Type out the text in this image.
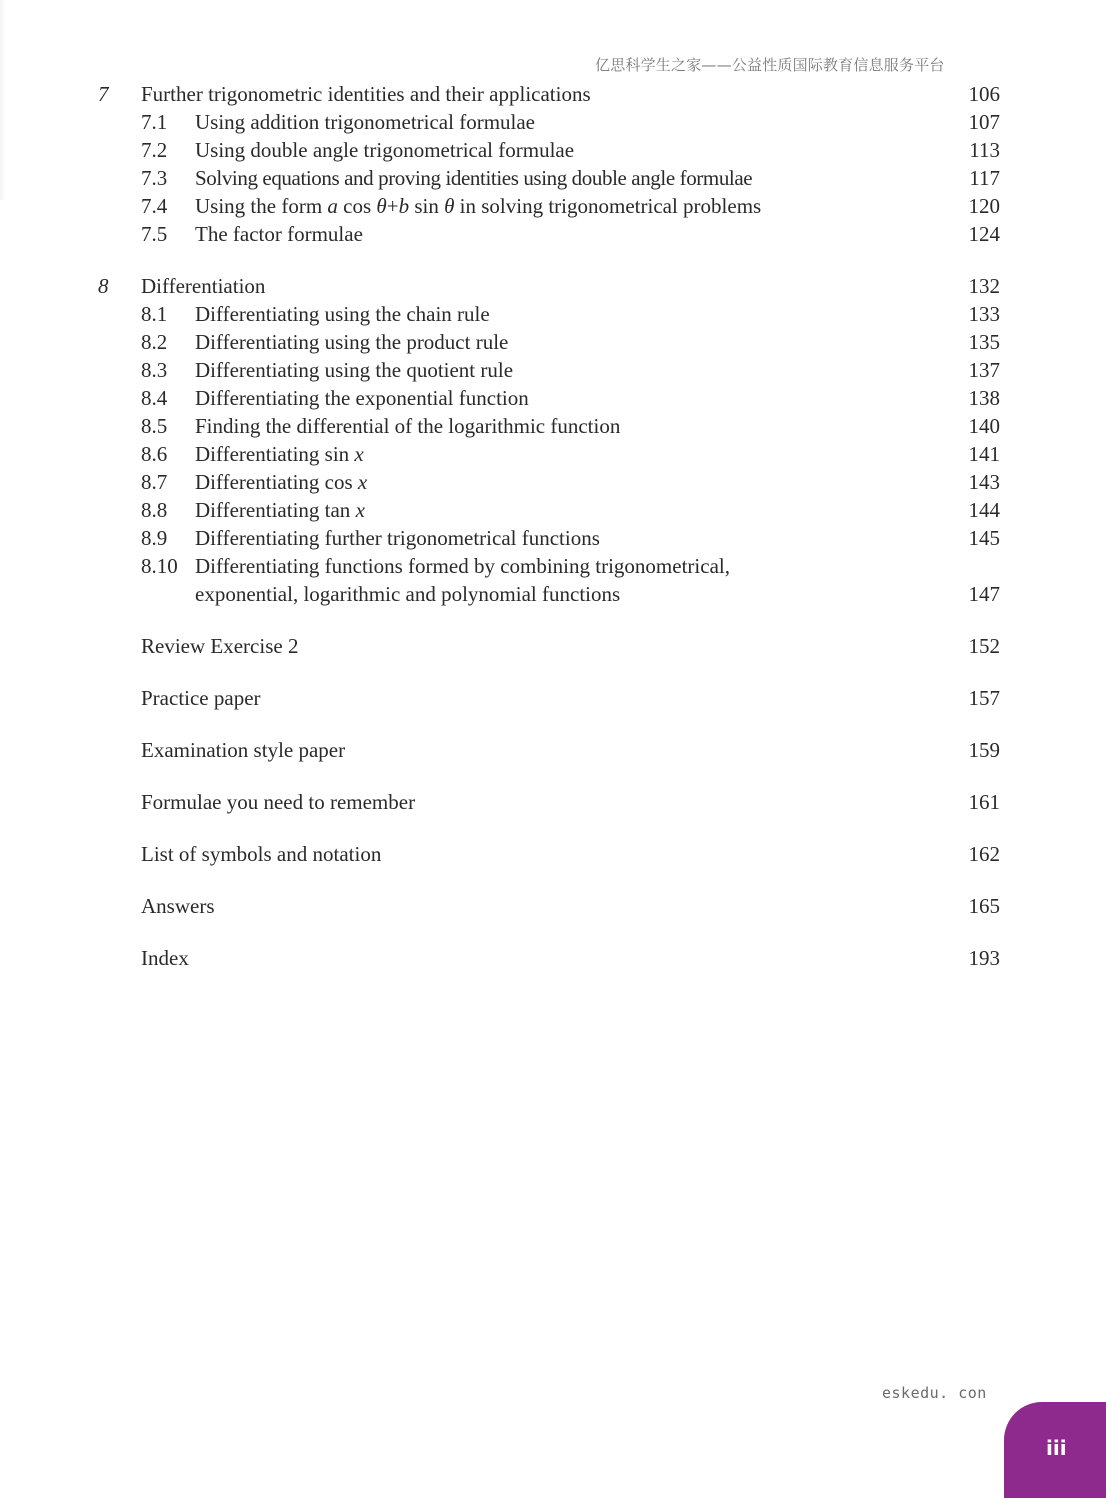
亿思科学生之家——公益性质国际教育信息服务平台
7 Further trigonometric identities and their applications	106
7.1 Using addition trigonometrical formulae	107
7.2 Using double angle trigonometrical formulae	113
7.3 Solving equations and proving identities using double angle formulae	117
7.4 Using the form a cos θ+b sin θ in solving trigonometrical problems	120
7.5 The factor formulae	124
8 Differentiation	132
8.1 Differentiating using the chain rule	133
8.2 Differentiating using the product rule	135
8.3 Differentiating using the quotient rule	137
8.4 Differentiating the exponential function	138
8.5 Finding the differential of the logarithmic function	140
8.6 Differentiating sin x	141
8.7 Differentiating cos x	143
8.8 Differentiating tan x	144
8.9 Differentiating further trigonometrical functions	145
8.10 Differentiating functions formed by combining trigonometrical,
exponential, logarithmic and polynomial functions	147
Review Exercise 2	152
Practice paper	157
Examination style paper	159
Formulae you need to remember	161
List of symbols and notation	162
Answers	165
Index	193
eskedu. con
iii
